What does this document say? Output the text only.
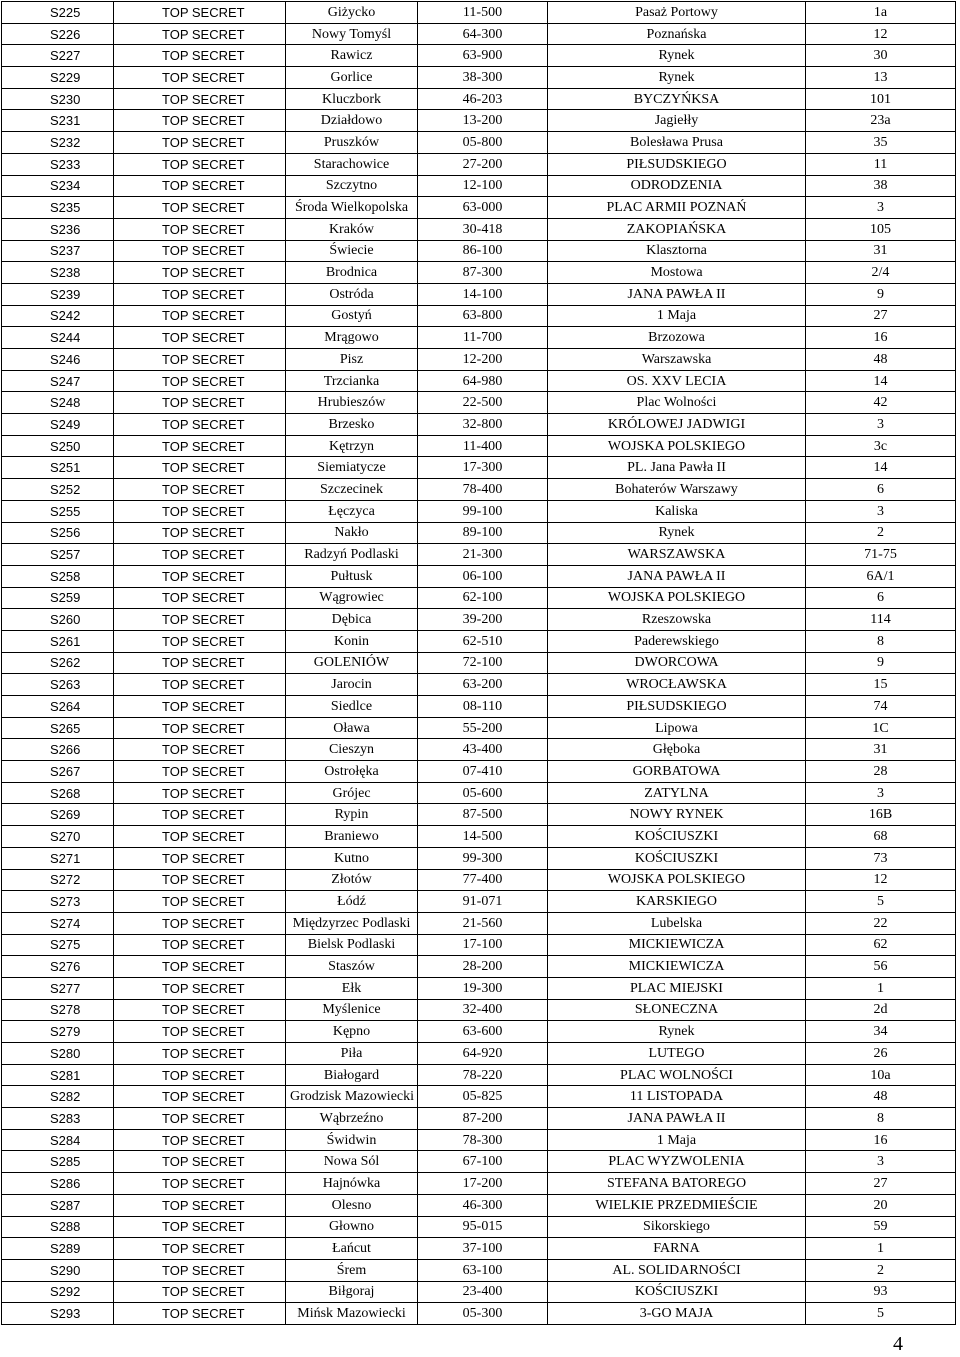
S225	TOP SECRET	Giżycko	11-500	Pasaż Portowy	1a
S226	TOP SECRET	Nowy Tomyśl	64-300	Poznańska	12
S227	TOP SECRET	Rawicz	63-900	Rynek	30
S229	TOP SECRET	Gorlice	38-300	Rynek	13
S230	TOP SECRET	Kluczbork	46-203	BYCZYŃKSA	101
S231	TOP SECRET	Działdowo	13-200	Jagiełły	23a
S232	TOP SECRET	Pruszków	05-800	Bolesława Prusa	35
S233	TOP SECRET	Starachowice	27-200	PIŁSUDSKIEGO	11
S234	TOP SECRET	Szczytno	12-100	ODRODZENIA	38
S235	TOP SECRET	Środa Wielkopolska	63-000	PLAC ARMII POZNAŃ	3
S236	TOP SECRET	Kraków	30-418	ZAKOPIAŃSKA	105
S237	TOP SECRET	Świecie	86-100	Klasztorna	31
S238	TOP SECRET	Brodnica	87-300	Mostowa	2/4
S239	TOP SECRET	Ostróda	14-100	JANA PAWŁA II	9
S242	TOP SECRET	Gostyń	63-800	1 Maja	27
S244	TOP SECRET	Mrągowo	11-700	Brzozowa	16
S246	TOP SECRET	Pisz	12-200	Warszawska	48
S247	TOP SECRET	Trzcianka	64-980	OS. XXV LECIA	14
S248	TOP SECRET	Hrubieszów	22-500	Plac Wolności	42
S249	TOP SECRET	Brzesko	32-800	KRÓLOWEJ JADWIGI	3
S250	TOP SECRET	Kętrzyn	11-400	WOJSKA POLSKIEGO	3c
S251	TOP SECRET	Siemiatycze	17-300	PL. Jana Pawła II	14
S252	TOP SECRET	Szczecinek	78-400	Bohaterów Warszawy	6
S255	TOP SECRET	Łęczyca	99-100	Kaliska	3
S256	TOP SECRET	Nakło	89-100	Rynek	2
S257	TOP SECRET	Radzyń Podlaski	21-300	WARSZAWSKA	71-75
S258	TOP SECRET	Pułtusk	06-100	JANA PAWŁA II	6A/1
S259	TOP SECRET	Wągrowiec	62-100	WOJSKA POLSKIEGO	6
S260	TOP SECRET	Dębica	39-200	Rzeszowska	114
S261	TOP SECRET	Konin	62-510	Paderewskiego	8
S262	TOP SECRET	GOLENIÓW	72-100	DWORCOWA	9
S263	TOP SECRET	Jarocin	63-200	WROCŁAWSKA	15
S264	TOP SECRET	Siedlce	08-110	PIŁSUDSKIEGO	74
S265	TOP SECRET	Oława	55-200	Lipowa	1C
S266	TOP SECRET	Cieszyn	43-400	Głęboka	31
S267	TOP SECRET	Ostrołęka	07-410	GORBATOWA	28
S268	TOP SECRET	Grójec	05-600	ZATYLNA	3
S269	TOP SECRET	Rypin	87-500	NOWY RYNEK	16B
S270	TOP SECRET	Braniewo	14-500	KOŚCIUSZKI	68
S271	TOP SECRET	Kutno	99-300	KOŚCIUSZKI	73
S272	TOP SECRET	Złotów	77-400	WOJSKA POLSKIEGO	12
S273	TOP SECRET	Łódź	91-071	KARSKIEGO	5
S274	TOP SECRET	Międzyrzec Podlaski	21-560	Lubelska	22
S275	TOP SECRET	Bielsk Podlaski	17-100	MICKIEWICZA	62
S276	TOP SECRET	Staszów	28-200	MICKIEWICZA	56
S277	TOP SECRET	Ełk	19-300	PLAC MIEJSKI	1
S278	TOP SECRET	Myślenice	32-400	SŁONECZNA	2d
S279	TOP SECRET	Kępno	63-600	Rynek	34
S280	TOP SECRET	Piła	64-920	LUTEGO	26
S281	TOP SECRET	Białogard	78-220	PLAC WOLNOŚCI	10a
S282	TOP SECRET	Grodzisk Mazowiecki	05-825	11 LISTOPADA	48
S283	TOP SECRET	Wąbrzeźno	87-200	JANA PAWŁA II	8
S284	TOP SECRET	Świdwin	78-300	1 Maja	16
S285	TOP SECRET	Nowa Sól	67-100	PLAC WYZWOLENIA	3
S286	TOP SECRET	Hajnówka	17-200	STEFANA BATOREGO	27
S287	TOP SECRET	Olesno	46-300	WIELKIE PRZEDMIEŚCIE	20
S288	TOP SECRET	Głowno	95-015	Sikorskiego	59
S289	TOP SECRET	Łańcut	37-100	FARNA	1
S290	TOP SECRET	Śrem	63-100	AL. SOLIDARNOŚCI	2
S292	TOP SECRET	Biłgoraj	23-400	KOŚCIUSZKI	93
S293	TOP SECRET	Mińsk Mazowiecki	05-300	3-GO MAJA	5
4
